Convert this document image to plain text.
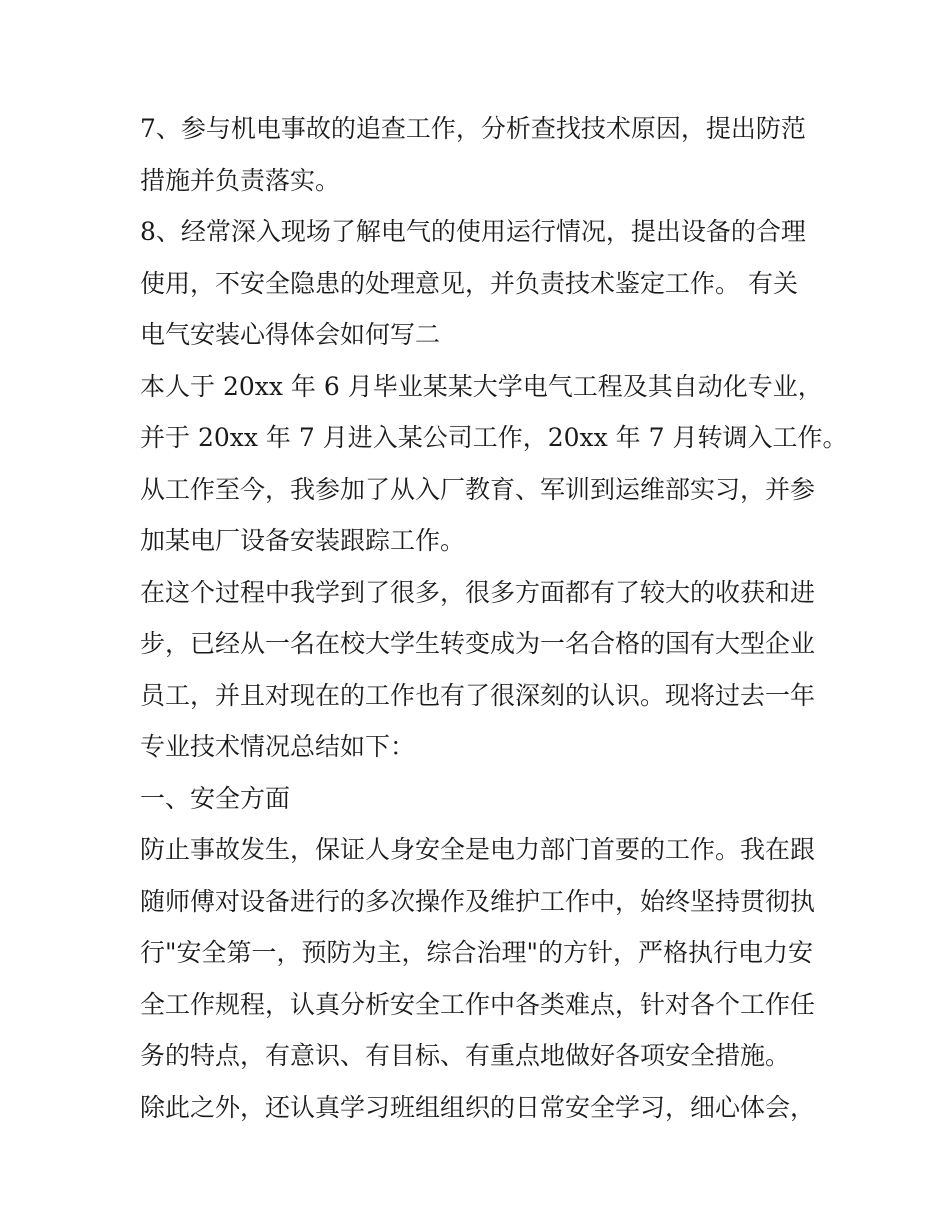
7、参与机电事故的追查工作，分析查找技术原因，提出防范
措施并负责落实。
8、经常深入现场了解电气的使用运行情况，提出设备的合理
使用，不安全隐患的处理意见，并负责技术鉴定工作。 有关
电气安装心得体会如何写二
本人于 20xx 年 6 月毕业某某大学电气工程及其自动化专业，
并于 20xx 年 7 月进入某公司工作，20xx 年 7 月转调入工作。
从工作至今，我参加了从入厂教育、军训到运维部实习，并参
加某电厂设备安装跟踪工作。
在这个过程中我学到了很多，很多方面都有了较大的收获和进
步，已经从一名在校大学生转变成为一名合格的国有大型企业
员工，并且对现在的工作也有了很深刻的认识。现将过去一年
专业技术情况总结如下：
一、安全方面
防止事故发生，保证人身安全是电力部门首要的工作。我在跟
随师傅对设备进行的多次操作及维护工作中，始终坚持贯彻执
行"安全第一，预防为主，综合治理"的方针，严格执行电力安
全工作规程，认真分析安全工作中各类难点，针对各个工作任
务的特点，有意识、有目标、有重点地做好各项安全措施。
除此之外，还认真学习班组组织的日常安全学习，细心体会，
